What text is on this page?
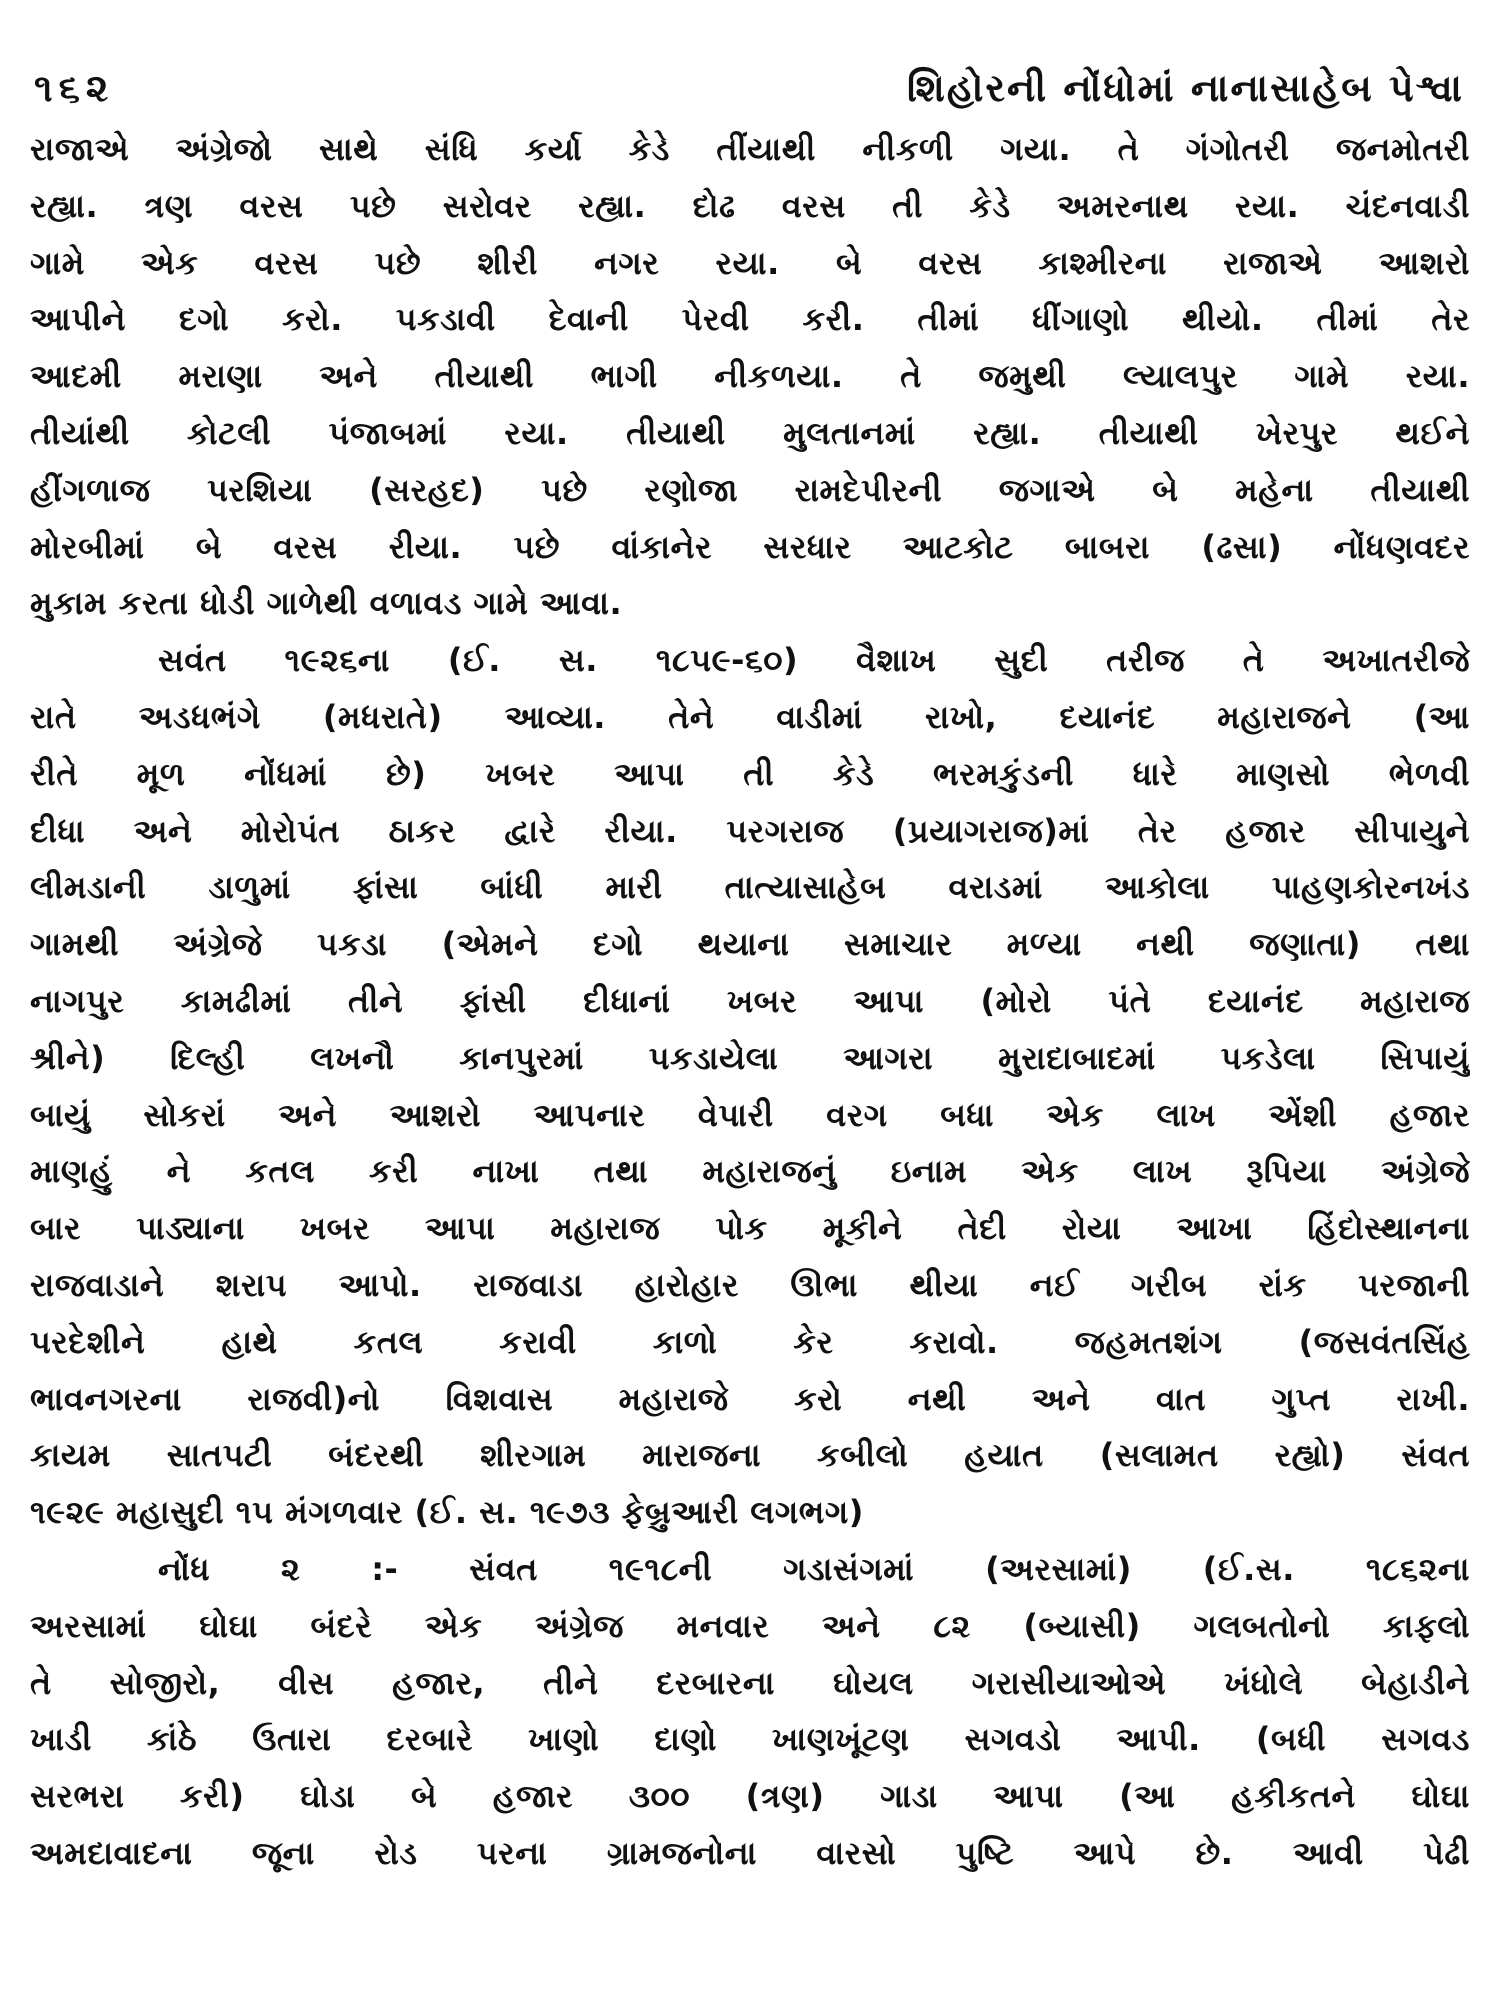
૧૬૨	શિહોરની નોંધોમાં નાનાસાહેબ પેશ્વા
રાજાએ અંગ્રેજો સાથે સંધિ કર્યા કેડે તીંયાથી નીકળી ગયા. તે ગંગોતરી જનમોતરી
રહ્યા. ત્રણ વરસ પછે સરોવર રહ્યા. દોઢ વરસ તી કેડે અમરનાથ રયા. ચંદનવાડી
ગામે એક વરસ પછે શીરી નગર રયા. બે વરસ કાશ્મીરના રાજાએ આશરો
આપીને દગો કરો. પકડાવી દેવાની પેરવી કરી. તીમાં ધીંગાણો થીયો. તીમાં તેર
આદમી મરાણા અને તીયાથી ભાગી નીકળયા. તે જમુથી લ્યાલપુર ગામે રયા.
તીયાંથી કોટલી પંજાબમાં રયા. તીયાથી મુલતાનમાં રહ્યા. તીયાથી ખેરપુર થઈને
હીંગળાજ પરશિયા (સરહદ) પછે રણોજા રામદેપીરની જગાએ બે મહેના તીયાથી
મોરબીમાં બે વરસ રીયા. પછે વાંકાનેર સરધાર આટકોટ બાબરા (ઢસા) નોંધણવદર
મુકામ કરતા ધોડી ગાળેથી વળાવડ ગામે આવા.
સવંત ૧૯૨૬ના (ઈ. સ. ૧૮૫૯-૬૦) વૈશાખ સુદી તરીજ તે અખાતરીજે
રાતે અડધભંગે (મધરાતે) આવ્યા. તેને વાડીમાં રાખો, દયાનંદ મહારાજને (આ
રીતે મૂળ નોંધમાં છે) ખબર આપા તી કેડે ભરમકુંડની ધારે માણસો ભેળવી
દીધા અને મોરોપંત ઠાકર દ્વારે રીયા. પરગરાજ (પ્રયાગરાજ)માં તેર હજાર સીપાયુને
લીમડાની ડાળુમાં ફાંસા બાંધી મારી તાત્યાસાહેબ વરાડમાં આકોલા પાહણકોરનખંડ
ગામથી અંગ્રેજે પકડા (એમને દગો થયાના સમાચાર મળ્યા નથી જણાતા) તથા
નાગપુર કામઢીમાં તીને ફાંસી દીધાનાં ખબર આપા (મોરો પંતે દયાનંદ મહારાજ
શ્રીને) દિલ્હી લખનૌ કાનપુરમાં પકડાયેલા આગરા મુરાદાબાદમાં પકડેલા સિપાયું
બાયું સોકરાં અને આશરો આપનાર વેપારી વરગ બધા એક લાખ એંશી હજાર
માણહું ને કતલ કરી નાખા તથા મહારાજનું ઇનામ એક લાખ રૂપિયા અંગ્રેજે
બાર પાડ્યાના ખબર આપા મહારાજ પોક મૂકીને તેદી રોયા આખા હિંદોસ્થાનના
રાજવાડાને શરાપ આપો. રાજવાડા હારોહાર ઊભા થીયા નઈ ગરીબ રાંક પરજાની
પરદેશીને હાથે કતલ કરાવી કાળો કેર કરાવો. જહમતશંગ (જસવંતસિંહ
ભાવનગરના રાજવી)નો વિશવાસ મહારાજે કરો નથી અને વાત ગુપ્ત રાખી.
કાયમ સાતપટી બંદરથી શીરગામ મારાજના કબીલો હયાત (સલામત રહ્યો) સંવત
૧૯૨૯ મહાસુદી ૧૫ મંગળવાર (ઈ. સ. ૧૯૭૩ ફેબ્રુઆરી લગભગ)
નોંધ ૨ :- સંવત ૧૯૧૮ની ગડાસંગમાં (અરસામાં) (ઈ.સ. ૧૮૬૨ના
અરસામાં ઘોઘા બંદરે એક અંગ્રેજ મનવાર અને ૮૨ (બ્યાસી) ગલબતોનો કાફલો
તે સોજીરો, વીસ હજાર, તીને દરબારના ઘોયલ ગરાસીયાઓએ ખંધોલે બેહાડીને
ખાડી કાંઠે ઉતારા દરબારે ખાણો દાણો ખાણખૂંટણ સગવડો આપી. (બધી સગવડ
સરભરા કરી) ઘોડા બે હજાર ૩૦૦ (ત્રણ) ગાડા આપા (આ હકીકતને ઘોઘા
અમદાવાદના જૂના રોડ પરના ગ્રામજનોના વારસો પુષ્ટિ આપે છે. આવી પેઢી
